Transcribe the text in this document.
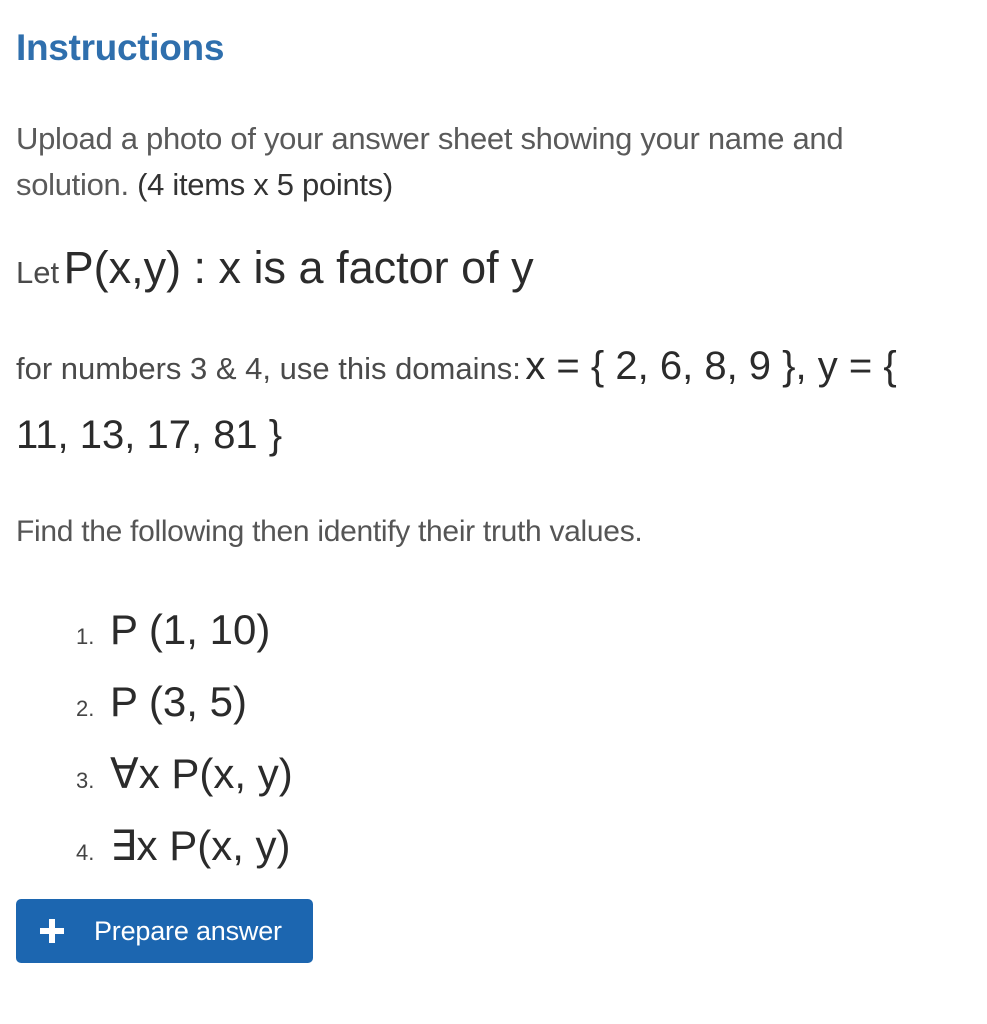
Instructions
Upload a photo of your answer sheet showing your name and solution. (4 items x 5 points)
Let P(x,y) : x is a factor of y
for numbers 3 & 4, use this domains: x = { 2, 6, 8, 9 }, y = { 11, 13, 17, 81 }
Find the following then identify their truth values.
1. P (1, 10)
2. P (3, 5)
3. ∀x P(x, y)
4. ∃x P(x, y)
Prepare answer
